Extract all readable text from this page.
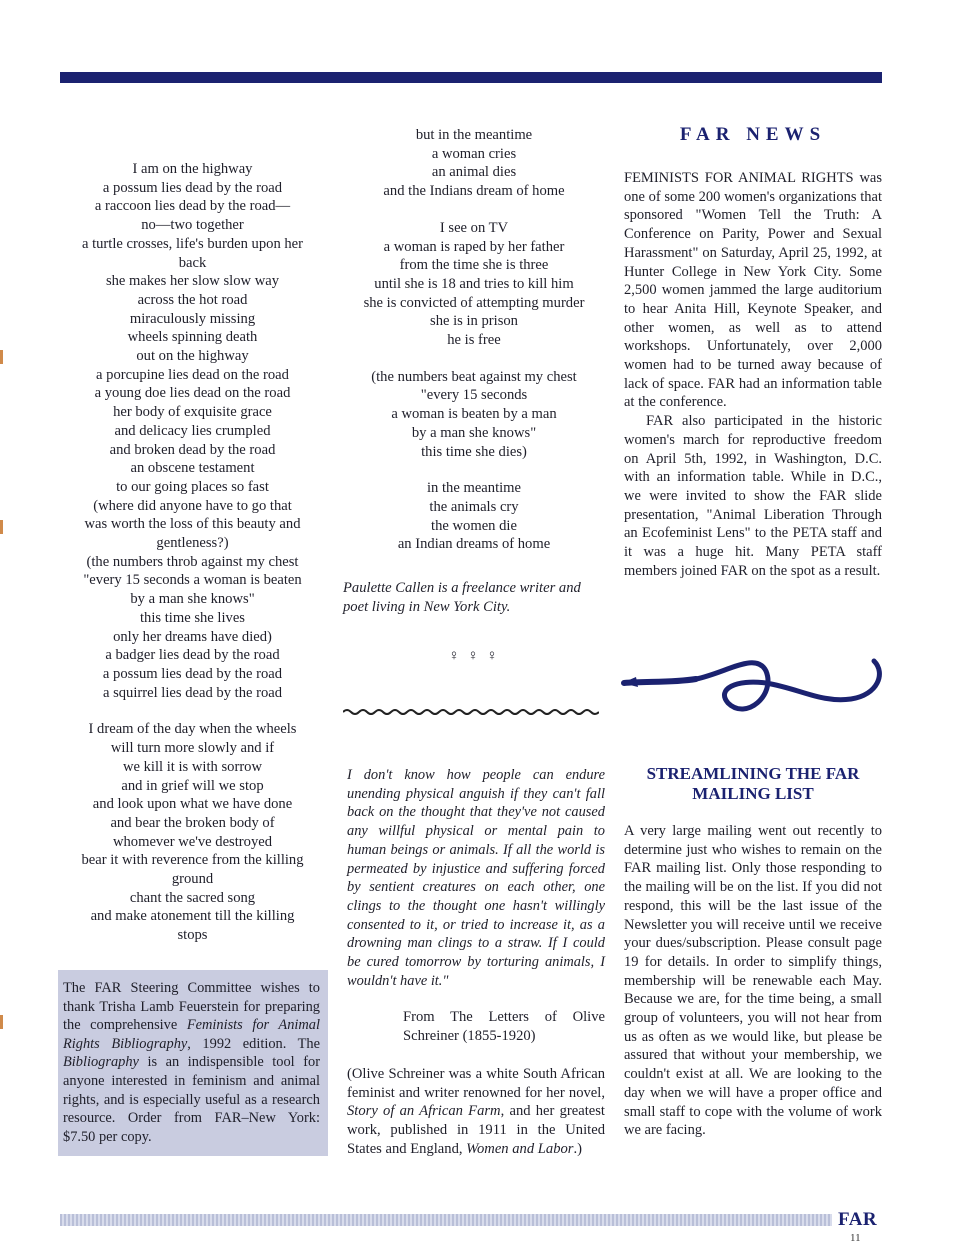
I am on the highway
a possum lies dead by the road
a raccoon lies dead by the road—
no—two together
a turtle crosses, life's burden upon her
back
she makes her slow slow way
across the hot road
miraculously missing
wheels spinning death
out on the highway
a porcupine lies dead on the road
a young doe lies dead on the road
her body of exquisite grace
and delicacy lies crumpled
and broken dead by the road
an obscene testament
to our going places so fast
(where did anyone have to go that
was worth the loss of this beauty and
gentleness?)
(the numbers throb against my chest
"every 15 seconds a woman is beaten
by a man she knows"
this time she lives
only her dreams have died)
a badger lies dead by the road
a possum lies dead by the road
a squirrel lies dead by the road
I dream of the day when the wheels
will turn more slowly and if
we kill it is with sorrow
and in grief will we stop
and look upon what we have done
and bear the broken body of
whomever we've destroyed
bear it with reverence from the killing
ground
chant the sacred song
and make atonement till the killing
stops
The FAR Steering Committee wishes to thank Trisha Lamb Feuerstein for preparing the comprehensive Feminists for Animal Rights Bibliography, 1992 edition. The Bibliography is an indispensible tool for anyone interested in feminism and animal rights, and is especially useful as a research resource. Order from FAR–New York: $7.50 per copy.
but in the meantime
a woman cries
an animal dies
and the Indians dream of home
I see on TV
a woman is raped by her father
from the time she is three
until she is 18 and tries to kill him
she is convicted of attempting murder
she is in prison
he is free
(the numbers beat against my chest
"every 15 seconds
a woman is beaten by a man
by a man she knows"
this time she dies)
in the meantime
the animals cry
the women die
an Indian dreams of home
Paulette Callen is a freelance writer and poet living in New York City.
♀ ♀ ♀
I don't know how people can endure unending physical anguish if they can't fall back on the thought that they've not caused any willful physical or mental pain to human beings or animals. If all the world is permeated by injustice and suffering forced by sentient creatures on each other, one clings to the thought one hasn't willingly consented to it, or tried to increase it, as a drowning man clings to a straw. If I could be cured tomorrow by torturing animals, I wouldn't have it."
From The Letters of Olive Schreiner (1855-1920)
(Olive Schreiner was a white South African feminist and writer renowned for her novel, Story of an African Farm, and her greatest work, published in 1911 in the United States and England, Women and Labor.)
FAR NEWS

FEMINISTS FOR ANIMAL RIGHTS was one of some 200 women's organizations that sponsored "Women Tell the Truth: A Conference on Parity, Power and Sexual Harassment" on Saturday, April 25, 1992, at Hunter College in New York City. Some 2,500 women jammed the large auditorium to hear Anita Hill, Keynote Speaker, and other women, as well as to attend workshops. Unfortunately, over 2,000 women had to be turned away because of lack of space. FAR had an information table at the conference.

FAR also participated in the historic women's march for reproductive freedom on April 5th, 1992, in Washington, D.C. with an information table. While in D.C., we were invited to show the FAR slide presentation, "Animal Liberation Through an Ecofeminist Lens" to the PETA staff and it was a huge hit. Many PETA staff members joined FAR on the spot as a result.

STREAMLINING THE FAR MAILING LIST
A very large mailing went out recently to determine just who wishes to remain on the FAR mailing list. Only those responding to the mailing will be on the list. If you did not respond, this will be the last issue of the Newsletter you will receive until we receive your dues/subscription. Please consult page 19 for details. In order to simplify things, membership will be renewable each May. Because we are, for the time being, a small group of volunteers, you will not hear from us as often as we would like, but please be assured that without your membership, we couldn't exist at all. We are looking to the day when we will have a proper office and small staff to cope with the volume of work we are facing.
FAR
11
